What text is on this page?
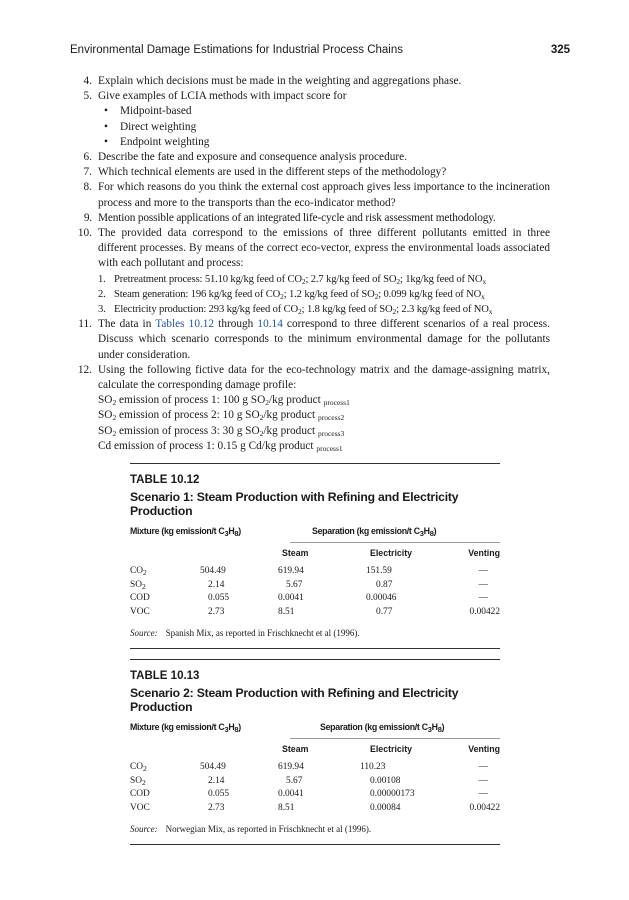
Environmental Damage Estimations for Industrial Process Chains	325
4. Explain which decisions must be made in the weighting and aggregations phase.
5. Give examples of LCIA methods with impact score for
• Midpoint-based
• Direct weighting
• Endpoint weighting
6. Describe the fate and exposure and consequence analysis procedure.
7. Which technical elements are used in the different steps of the methodology?
8. For which reasons do you think the external cost approach gives less importance to the incineration process and more to the transports than the eco-indicator method?
9. Mention possible applications of an integrated life-cycle and risk assessment methodology.
10. The provided data correspond to the emissions of three different pollutants emitted in three different processes. By means of the correct eco-vector, express the environmental loads associated with each pollutant and process:
1. Pretreatment process: 51.10 kg/kg feed of $CO_2$; 2.7 kg/kg feed of $SO_2$; 1kg/kg feed of $NO_x$
2. Steam generation: 196 kg/kg feed of $CO_2$; 1.2 kg/kg feed of $SO_2$; 0.099 kg/kg feed of $NO_x$
3. Electricity production: 293 kg/kg feed of $CO_2$; 1.8 kg/kg feed of $SO_2$; 2.3 kg/kg feed of $NO_x$
11. The data in Tables 10.12 through 10.14 correspond to three different scenarios of a real process. Discuss which scenario corresponds to the minimum environmental damage for the pollutants under consideration.
12. Using the following fictive data for the eco-technology matrix and the damage-assigning matrix, calculate the corresponding damage profile:
$SO_2$ emission of process 1: 100 g $SO_2/kg$ product $_{process1}$
$SO_2$ emission of process 2: 10 g $SO_2/kg$ product $_{process2}$
$SO_2$ emission of process 3: 30 g $SO_2/kg$ product $_{process3}$
Cd emission of process 1: 0.15 g Cd/kg product $_{process1}$
TABLE 10.12
Scenario 1: Steam Production with Refining and Electricity Production
Mixture (kg emission/t $C_3H_8$)	Separation (kg emission/t $C_3H_8$)
Steam	Electricity	Venting
$CO_2$	504.49	619.94	151.59	—
$SO_2$	2.14	5.67	0.87	—
COD	0.055	0.0041	0.00046	—
VOC	2.73	8.51	0.77	0.00422
Source: Spanish Mix, as reported in Frischknecht et al (1996).
TABLE 10.13
Scenario 2: Steam Production with Refining and Electricity Production
Mixture (kg emission/t $C_3H_8$)	Separation (kg emission/t $C_3H_8$)
Steam	Electricity	Venting
$CO_2$	504.49	619.94	110.23	—
$SO_2$	2.14	5.67	0.00108	—
COD	0.055	0.0041	0.00000173	—
VOC	2.73	8.51	0.00084	0.00422
Source: Norwegian Mix, as reported in Frischknecht et al (1996).
